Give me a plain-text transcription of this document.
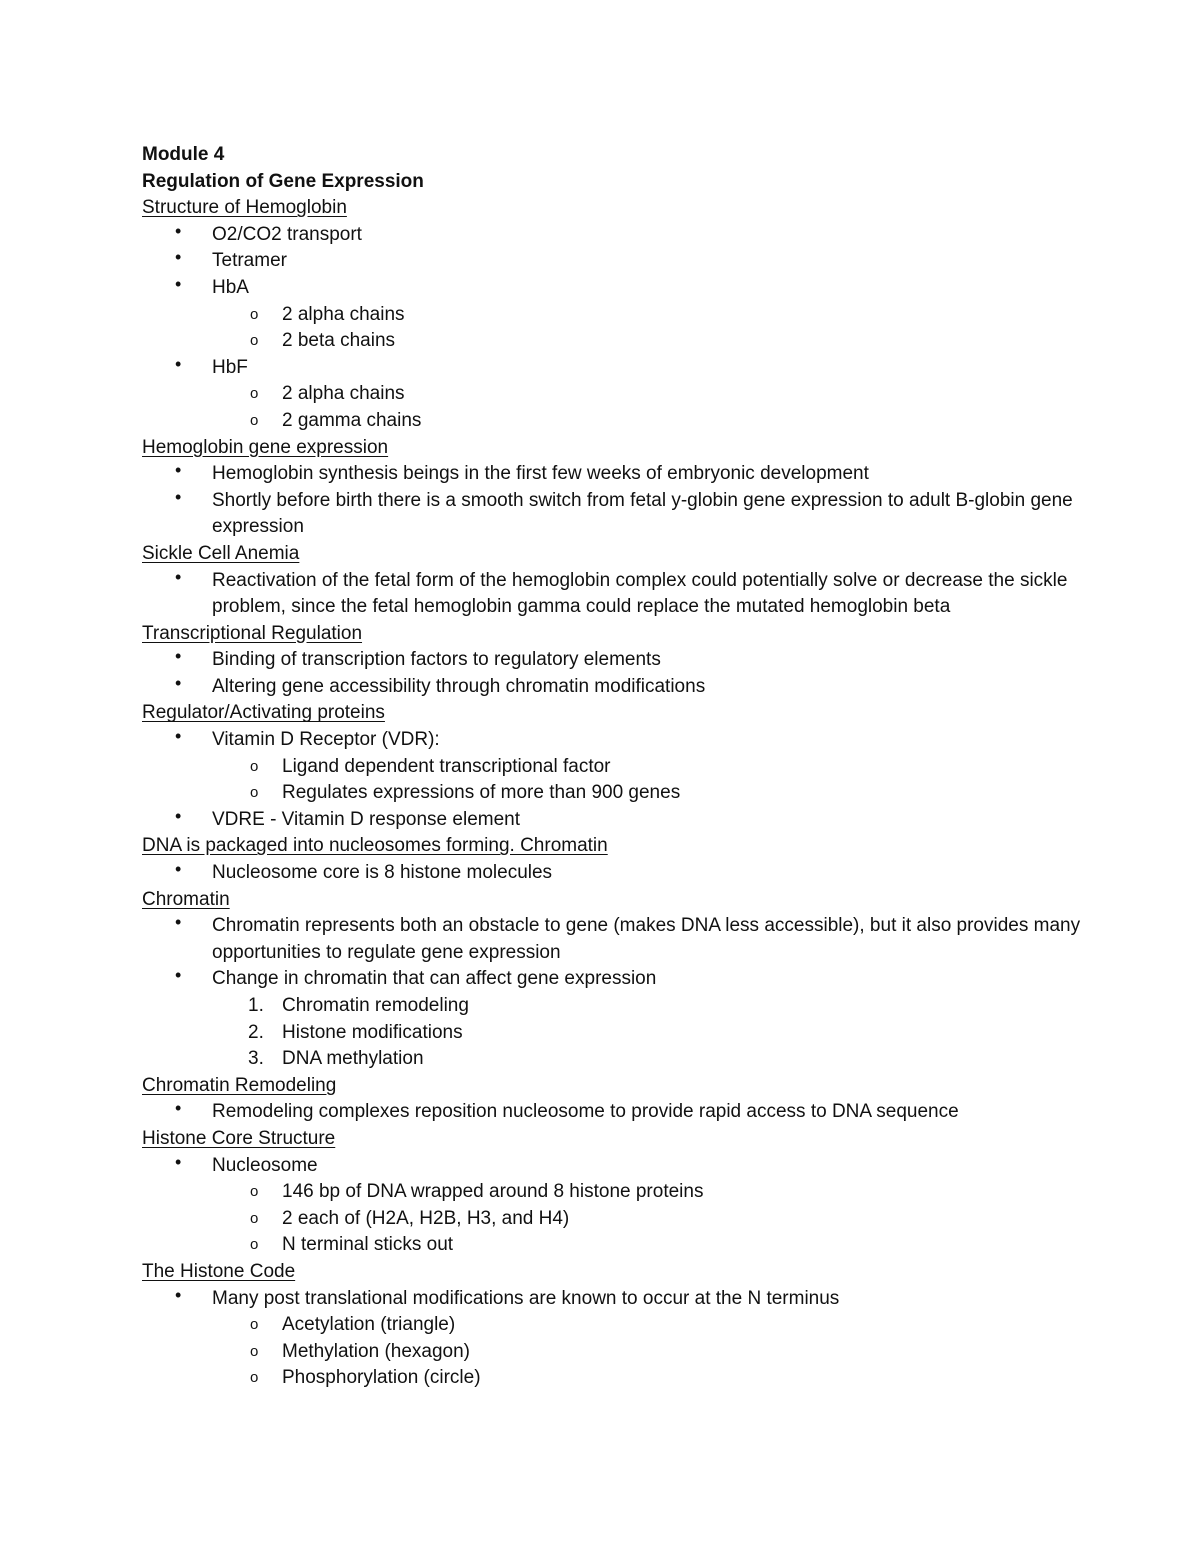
Module 4
Regulation of Gene Expression
Structure of Hemoglobin
• O2/CO2 transport
• Tetramer
• HbA
o 2 alpha chains
o 2 beta chains
• HbF
o 2 alpha chains
o 2 gamma chains
Hemoglobin gene expression
• Hemoglobin synthesis beings in the first few weeks of embryonic development
• Shortly before birth there is a smooth switch from fetal y-globin gene expression to adult B-globin gene expression
Sickle Cell Anemia
• Reactivation of the fetal form of the hemoglobin complex could potentially solve or decrease the sickle problem, since the fetal hemoglobin gamma could replace the mutated hemoglobin beta
Transcriptional Regulation
• Binding of transcription factors to regulatory elements
• Altering gene accessibility through chromatin modifications
Regulator/Activating proteins
• Vitamin D Receptor (VDR):
o Ligand dependent transcriptional factor
o Regulates expressions of more than 900 genes
• VDRE - Vitamin D response element
DNA is packaged into nucleosomes forming. Chromatin
• Nucleosome core is 8 histone molecules
Chromatin
• Chromatin represents both an obstacle to gene (makes DNA less accessible), but it also provides many opportunities to regulate gene expression
• Change in chromatin that can affect gene expression
1. Chromatin remodeling
2. Histone modifications
3. DNA methylation
Chromatin Remodeling
• Remodeling complexes reposition nucleosome to provide rapid access to DNA sequence
Histone Core Structure
• Nucleosome
o 146 bp of DNA wrapped around 8 histone proteins
o 2 each of (H2A, H2B, H3, and H4)
o N terminal sticks out
The Histone Code
• Many post translational modifications are known to occur at the N terminus
o Acetylation (triangle)
o Methylation (hexagon)
o Phosphorylation (circle)
